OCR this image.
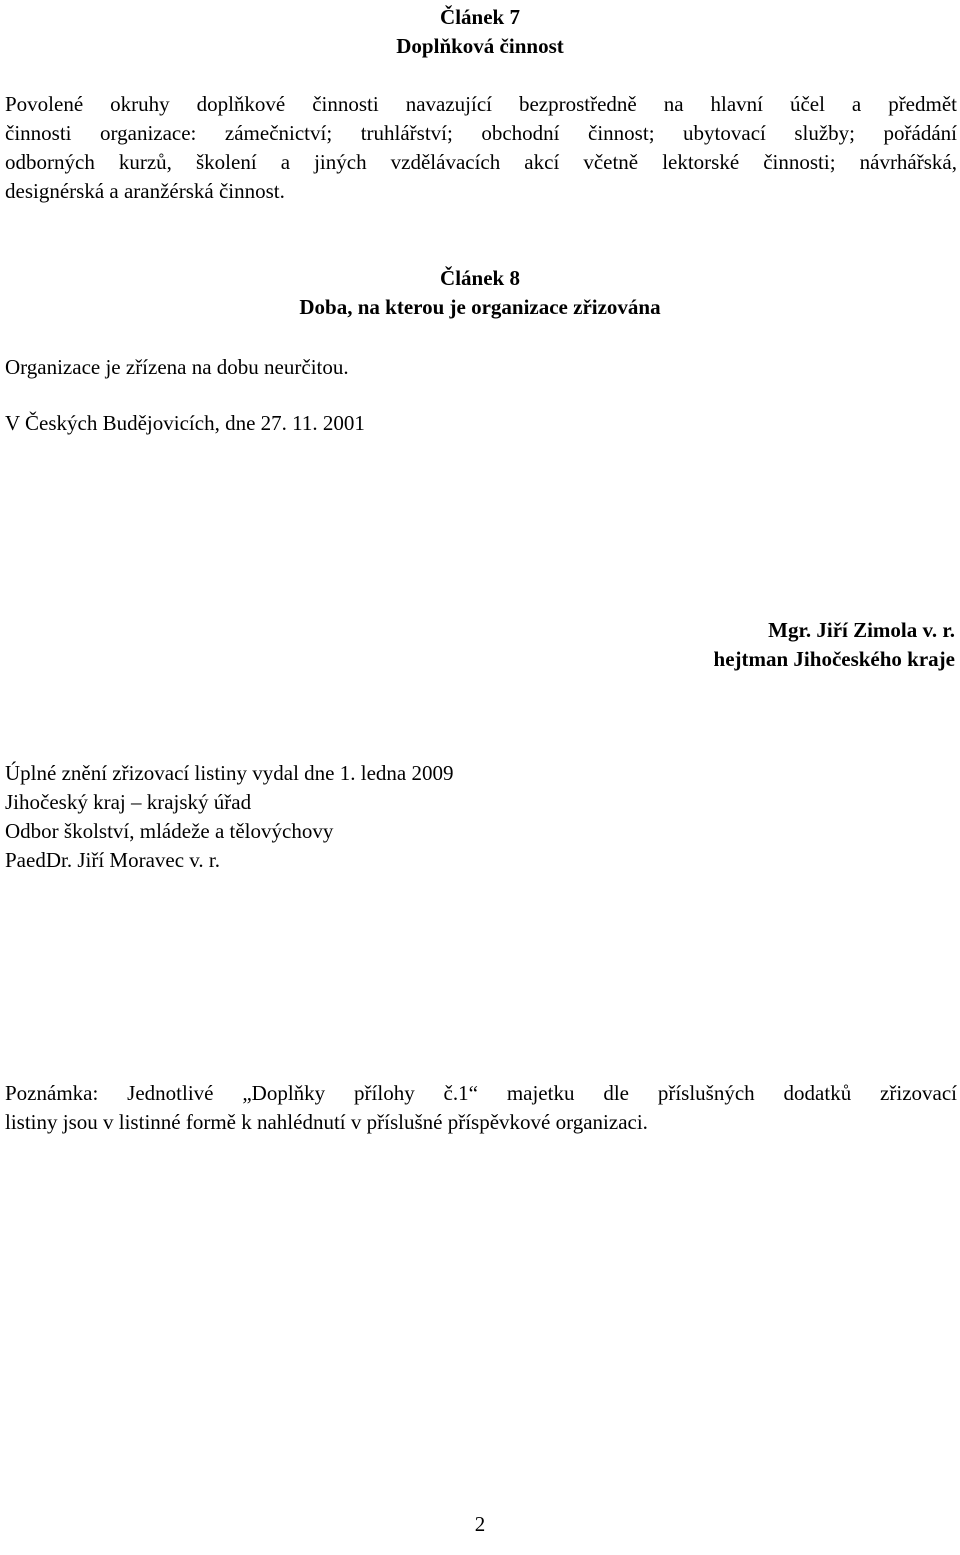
Článek 7
Doplňková činnost
Povolené okruhy doplňkové činnosti navazující bezprostředně na hlavní účel a předmět
činnosti organizace: zámečnictví; truhlářství; obchodní činnost; ubytovací služby; pořádání
odborných kurzů, školení a jiných vzdělávacích akcí včetně lektorské činnosti; návrhářská,
designérská a aranžérská činnost.
Článek 8
Doba, na kterou je organizace zřizována
Organizace je zřízena na dobu neurčitou.
V Českých Budějovicích, dne 27. 11. 2001
Mgr. Jiří Zimola v. r.
hejtman Jihočeského kraje
Úplné znění zřizovací listiny vydal dne 1. ledna 2009
Jihočeský kraj – krajský úřad
Odbor školství, mládeže a tělovýchovy
PaedDr. Jiří Moravec v. r.
Poznámka: Jednotlivé „Doplňky přílohy č.1“ majetku dle příslušných dodatků zřizovací
listiny jsou v listinné formě k nahlédnutí v příslušné příspěvkové organizaci.
2
